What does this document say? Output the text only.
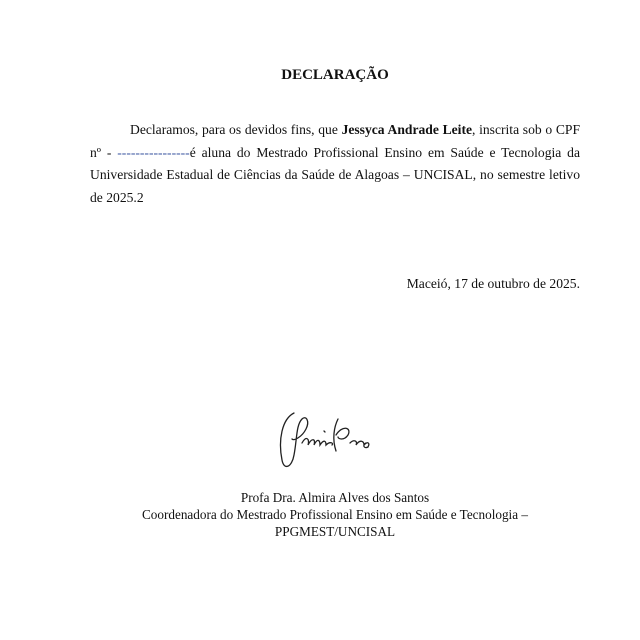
DECLARAÇÃO
Declaramos, para os devidos fins, que Jessyca Andrade Leite, inscrita sob o CPF nº - ----------------é aluna do Mestrado Profissional Ensino em Saúde e Tecnologia da Universidade Estadual de Ciências da Saúde de Alagoas – UNCISAL, no semestre letivo de 2025.2
Maceió, 17 de outubro de 2025.
Profa Dra. Almira Alves dos Santos
Coordenadora do Mestrado Profissional Ensino em Saúde e Tecnologia –
PPGMEST/UNCISAL
